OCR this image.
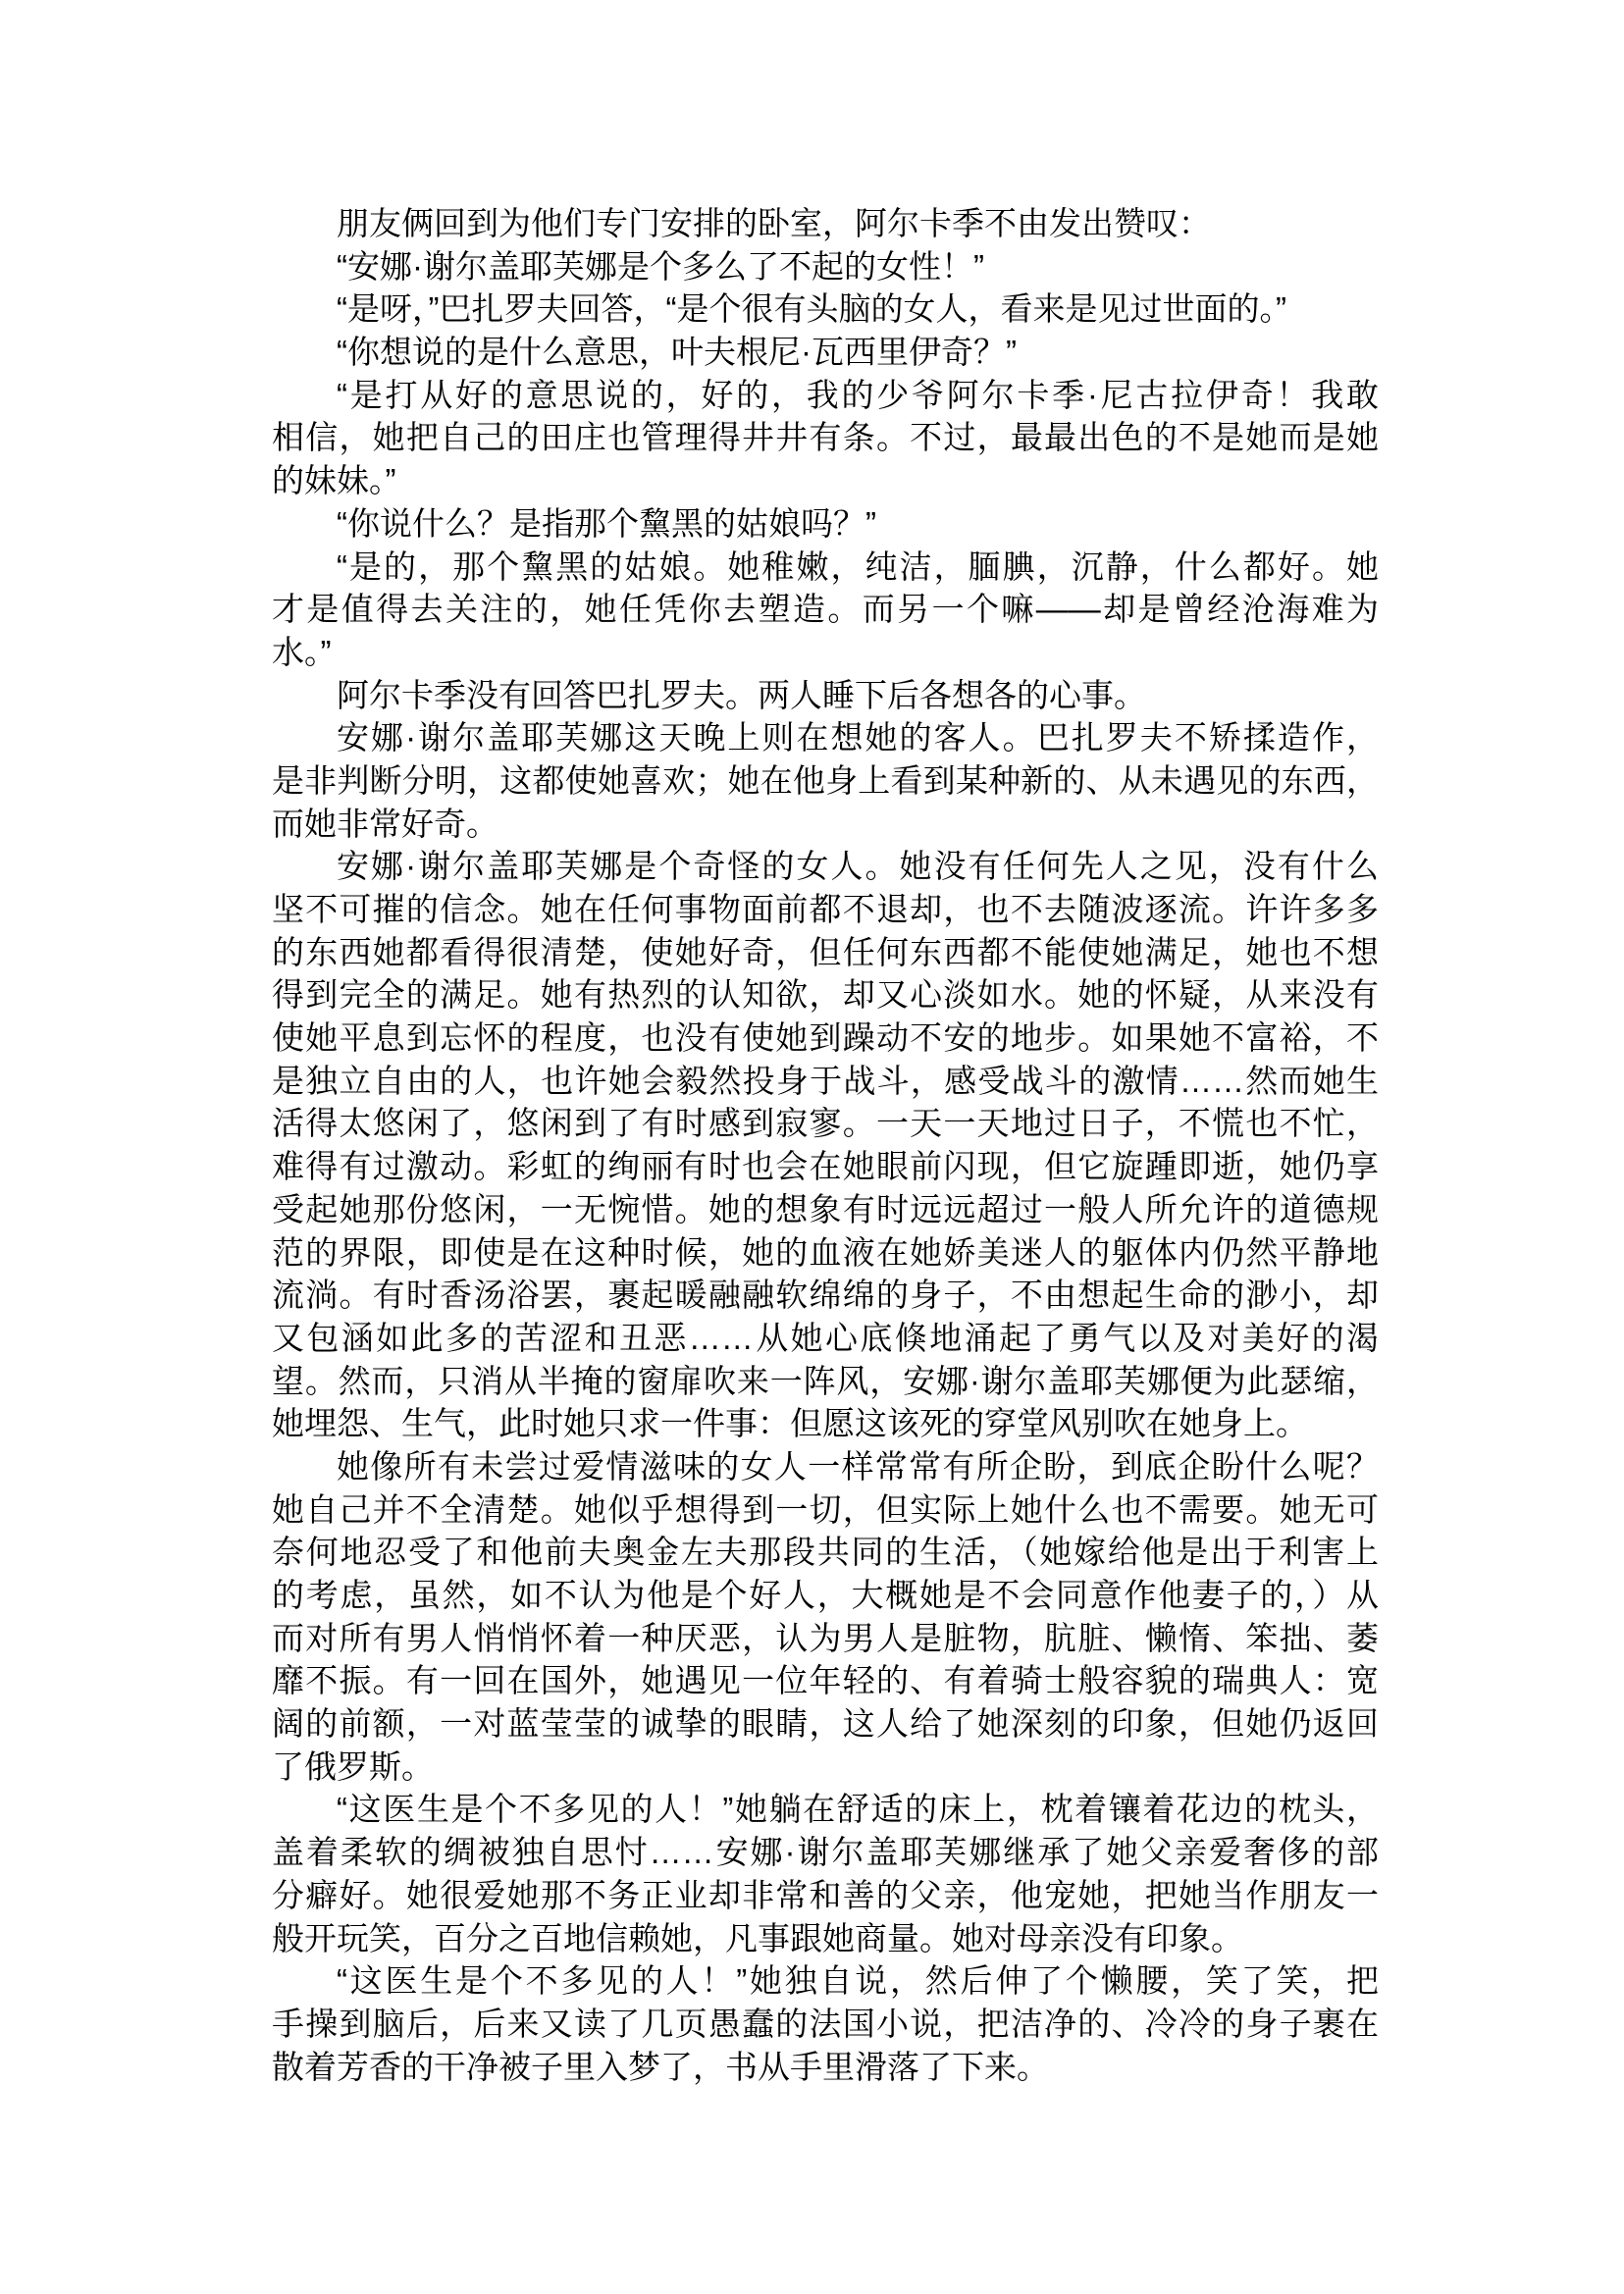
朋友俩回到为他们专门安排的卧室，阿尔卡季不由发出赞叹：
“安娜·谢尔盖耶芙娜是个多么了不起的女性！”
“是呀，”巴扎罗夫回答，“是个很有头脑的女人，看来是见过世面的。”
“你想说的是什么意思，叶夫根尼·瓦西里伊奇？”
“是打从好的意思说的，好的，我的少爷阿尔卡季·尼古拉伊奇！我敢
相信，她把自己的田庄也管理得井井有条。不过，最最出色的不是她而是她
的妹妹。”
“你说什么？是指那个黧黑的姑娘吗？”
“是的，那个黧黑的姑娘。她稚嫩，纯洁，腼腆，沉静，什么都好。她
才是值得去关注的，她任凭你去塑造。而另一个嘛——却是曾经沧海难为
水。”
阿尔卡季没有回答巴扎罗夫。两人睡下后各想各的心事。
安娜·谢尔盖耶芙娜这天晚上则在想她的客人。巴扎罗夫不矫揉造作，
是非判断分明，这都使她喜欢；她在他身上看到某种新的、从未遇见的东西，
而她非常好奇。
安娜·谢尔盖耶芙娜是个奇怪的女人。她没有任何先人之见，没有什么
坚不可摧的信念。她在任何事物面前都不退却，也不去随波逐流。许许多多
的东西她都看得很清楚，使她好奇，但任何东西都不能使她满足，她也不想
得到完全的满足。她有热烈的认知欲，却又心淡如水。她的怀疑，从来没有
使她平息到忘怀的程度，也没有使她到躁动不安的地步。如果她不富裕，不
是独立自由的人，也许她会毅然投身于战斗，感受战斗的激情……然而她生
活得太悠闲了，悠闲到了有时感到寂寥。一天一天地过日子，不慌也不忙，
难得有过激动。彩虹的绚丽有时也会在她眼前闪现，但它旋踵即逝，她仍享
受起她那份悠闲，一无惋惜。她的想象有时远远超过一般人所允许的道德规
范的界限，即使是在这种时候，她的血液在她娇美迷人的躯体内仍然平静地
流淌。有时香汤浴罢，裹起暖融融软绵绵的身子，不由想起生命的渺小，却
又包涵如此多的苦涩和丑恶……从她心底倏地涌起了勇气以及对美好的渴
望。然而，只消从半掩的窗扉吹来一阵风，安娜·谢尔盖耶芙娜便为此瑟缩，
她埋怨、生气，此时她只求一件事：但愿这该死的穿堂风别吹在她身上。
她像所有未尝过爱情滋味的女人一样常常有所企盼，到底企盼什么呢？
她自己并不全清楚。她似乎想得到一切，但实际上她什么也不需要。她无可
奈何地忍受了和他前夫奥金左夫那段共同的生活，（她嫁给他是出于利害上
的考虑，虽然，如不认为他是个好人，大概她是不会同意作他妻子的，）从
而对所有男人悄悄怀着一种厌恶，认为男人是脏物，肮脏、懒惰、笨拙、萎
靡不振。有一回在国外，她遇见一位年轻的、有着骑士般容貌的瑞典人：宽
阔的前额，一对蓝莹莹的诚挚的眼睛，这人给了她深刻的印象，但她仍返回
了俄罗斯。
“这医生是个不多见的人！”她躺在舒适的床上，枕着镶着花边的枕头，
盖着柔软的绸被独自思忖……安娜·谢尔盖耶芙娜继承了她父亲爱奢侈的部
分癖好。她很爱她那不务正业却非常和善的父亲，他宠她，把她当作朋友一
般开玩笑，百分之百地信赖她，凡事跟她商量。她对母亲没有印象。
“这医生是个不多见的人！”她独自说，然后伸了个懒腰，笑了笑，把
手操到脑后，后来又读了几页愚蠢的法国小说，把洁净的、冷冷的身子裹在
散着芳香的干净被子里入梦了，书从手里滑落了下来。
